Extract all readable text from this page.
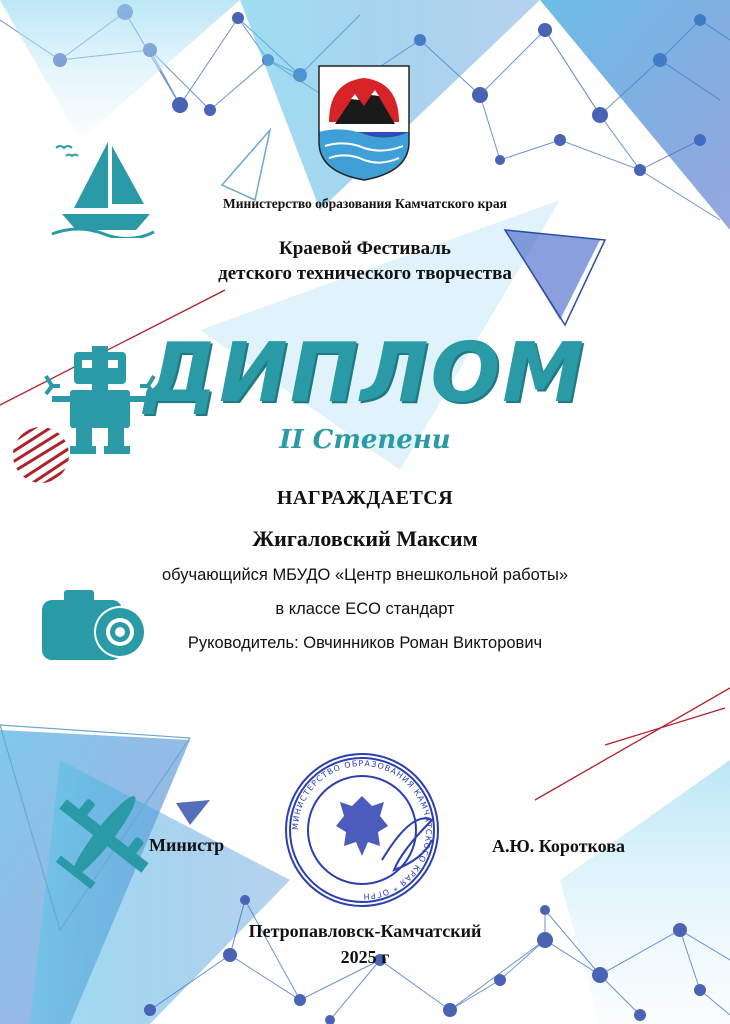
МИНИСТЕРСТВО ОБРАЗОВАНИЯ КАМЧАТСКОГО КРАЯ * ОГРН
Министерство образования Камчатского края
Краевой Фестиваль
детского технического творчества
ДИПЛОМ
II Степени
НАГРАЖДАЕТСЯ
Жигаловский Максим
обучающийся МБУДО «Центр внешкольной работы»
в классе ECO стандарт
Руководитель: Овчинников Роман Викторович
Министр	А.Ю. Короткова
Петропавловск-Камчатский
2025 г
